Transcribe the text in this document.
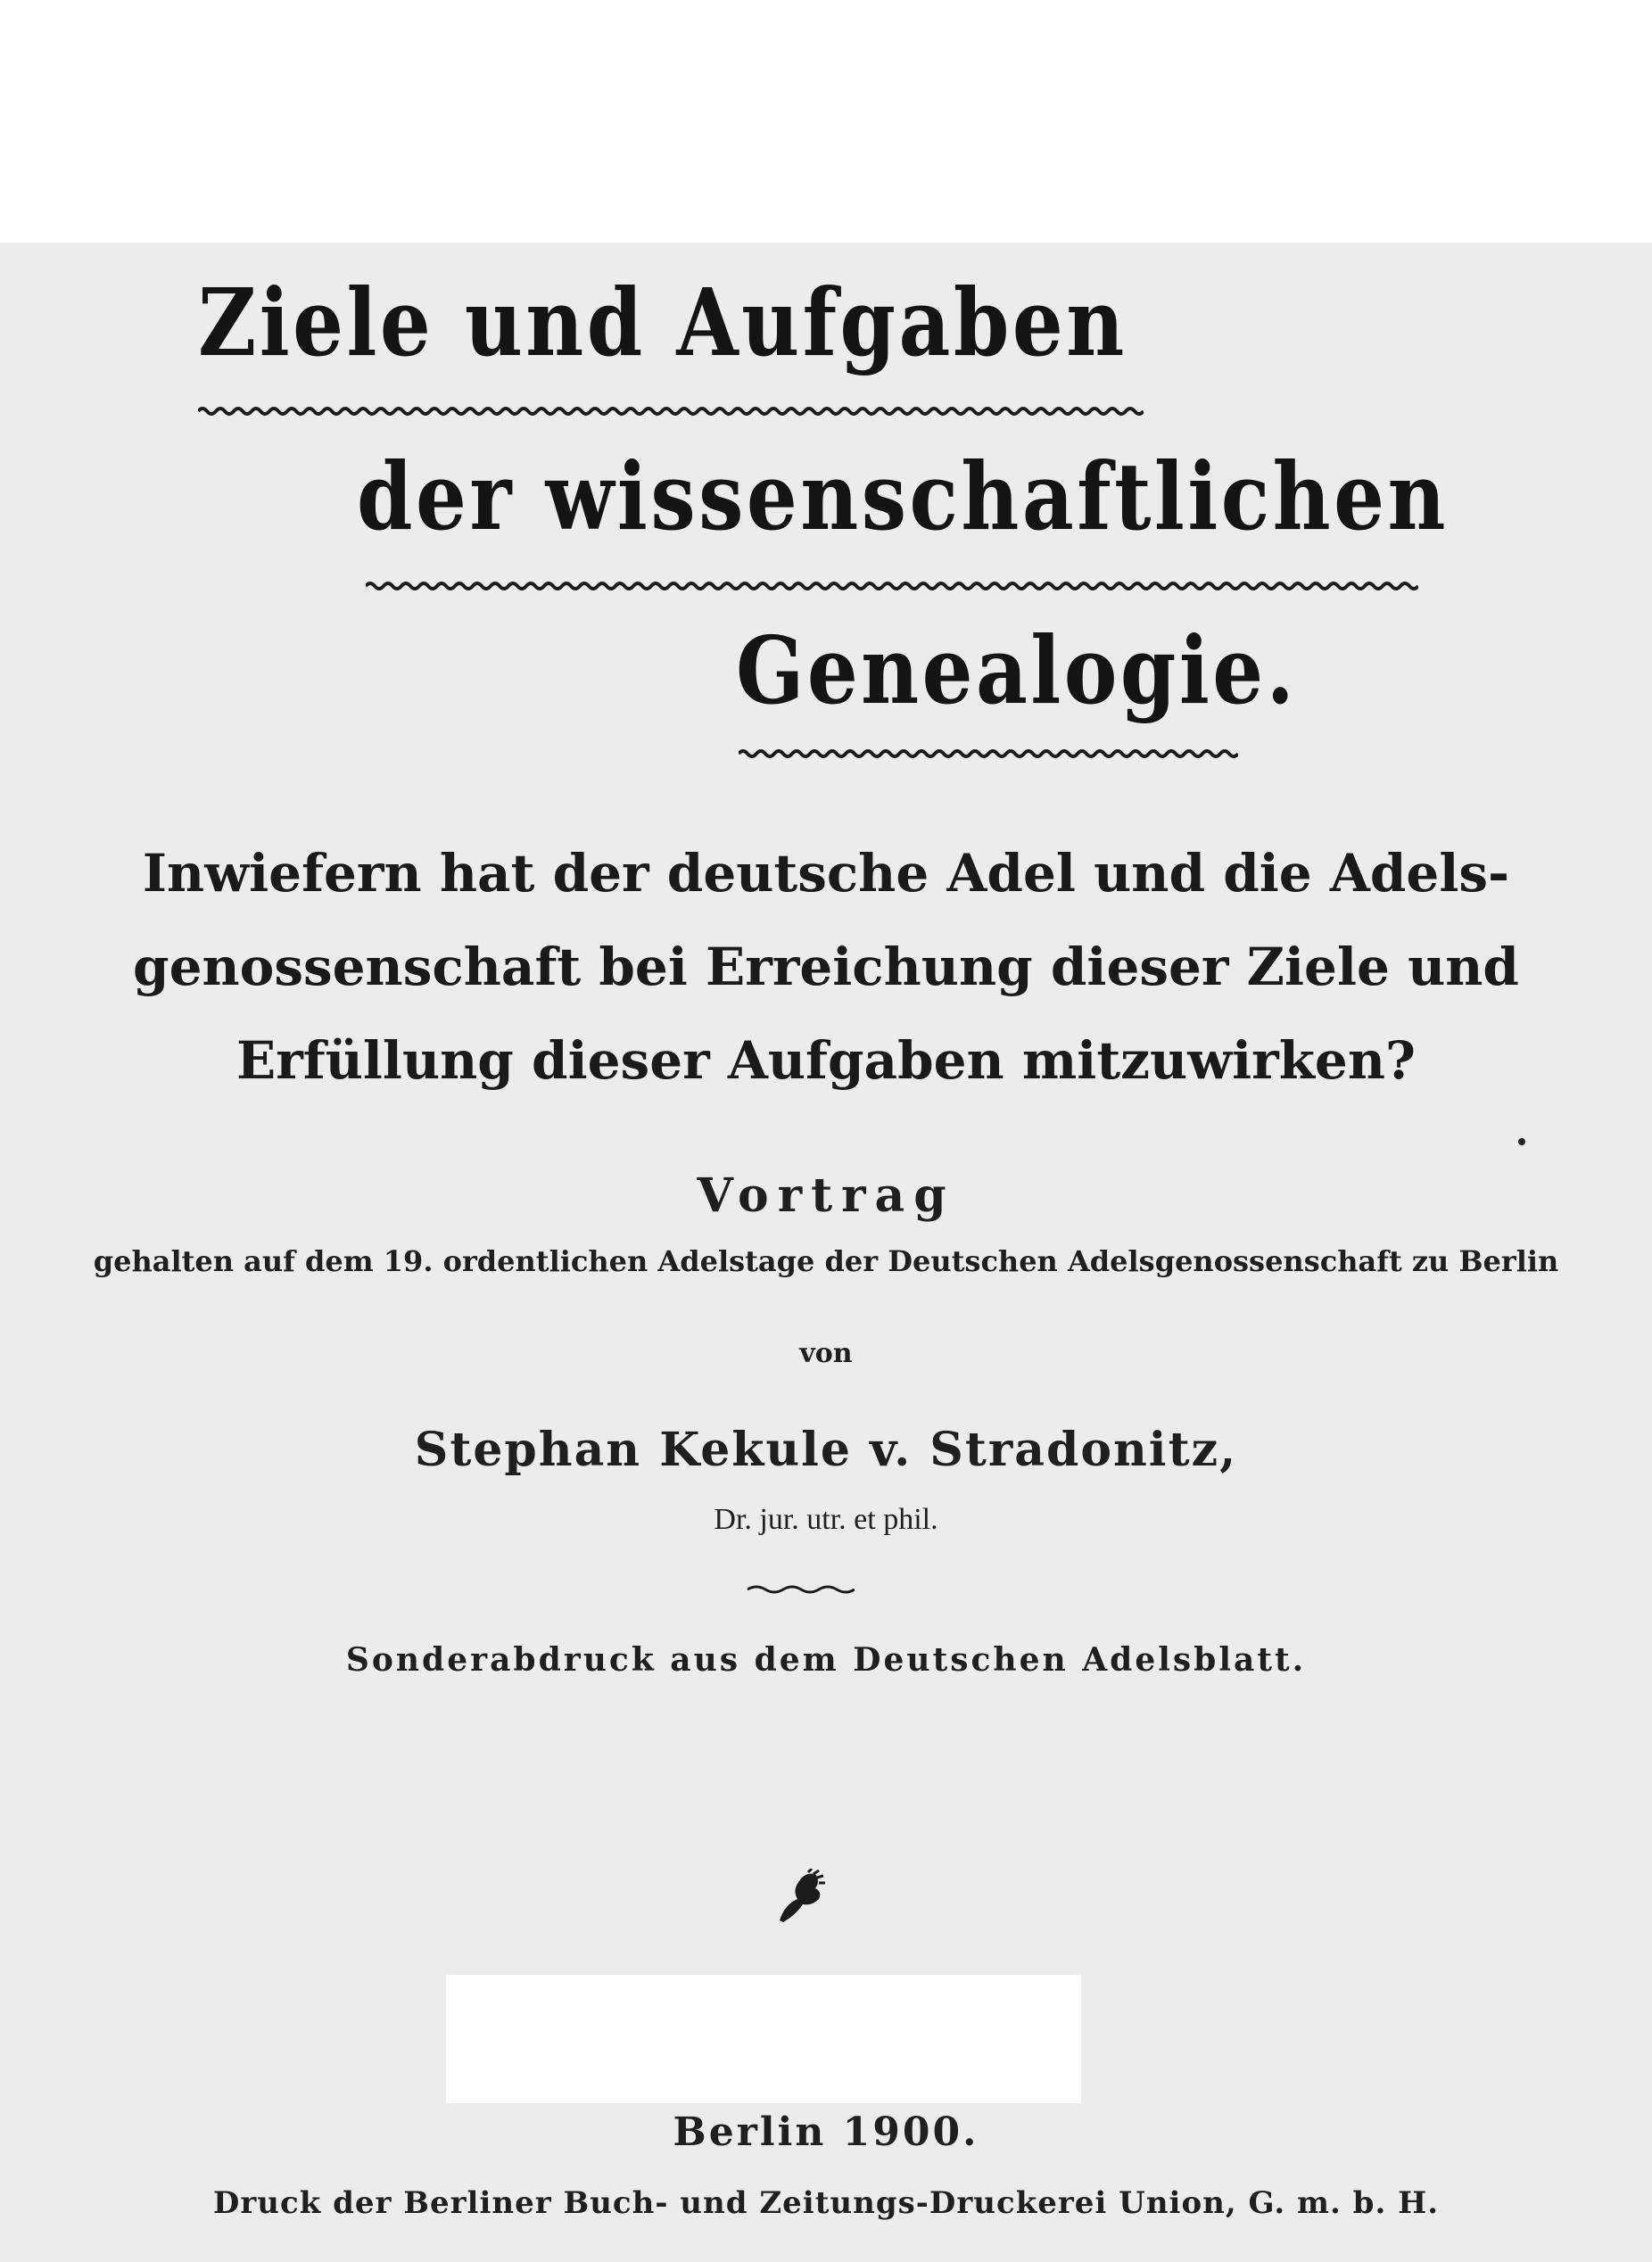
Ziele und Aufgaben
der wissenschaftlichen
Genealogie.
Inwiefern hat der deutsche Adel und die Adels-
genossenschaft bei Erreichung dieser Ziele und
Erfüllung dieser Aufgaben mitzuwirken?
Vortrag
gehalten auf dem 19. ordentlichen Adelstage der Deutschen Adelsgenossenschaft zu Berlin
von
Stephan Kekule v. Stradonitz,
Dr. jur. utr. et phil.
Sonderabdruck aus dem Deutschen Adelsblatt.
Berlin 1900.
Druck der Berliner Buch- und Zeitungs-Druckerei Union, G. m. b. H.
